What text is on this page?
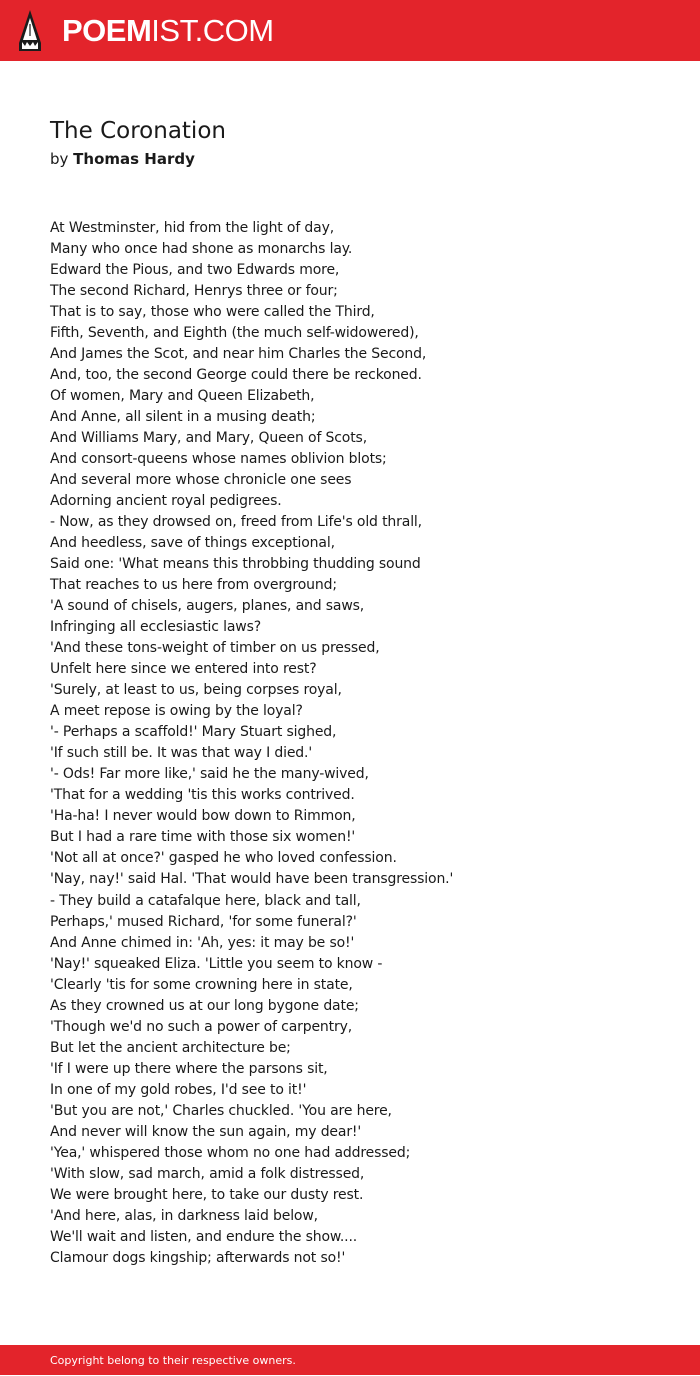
POEMIST.COM
The Coronation
by Thomas Hardy
At Westminster, hid from the light of day,
Many who once had shone as monarchs lay.
Edward the Pious, and two Edwards more,
The second Richard, Henrys three or four;
That is to say, those who were called the Third,
Fifth, Seventh, and Eighth (the much self-widowered),
And James the Scot, and near him Charles the Second,
And, too, the second George could there be reckoned.
Of women, Mary and Queen Elizabeth,
And Anne, all silent in a musing death;
And Williams Mary, and Mary, Queen of Scots,
And consort-queens whose names oblivion blots;
And several more whose chronicle one sees
Adorning ancient royal pedigrees.
- Now, as they drowsed on, freed from Life's old thrall,
And heedless, save of things exceptional,
Said one: 'What means this throbbing thudding sound
That reaches to us here from overground;
'A sound of chisels, augers, planes, and saws,
Infringing all ecclesiastic laws?
'And these tons-weight of timber on us pressed,
Unfelt here since we entered into rest?
'Surely, at least to us, being corpses royal,
A meet repose is owing by the loyal?
'- Perhaps a scaffold!' Mary Stuart sighed,
'If such still be. It was that way I died.'
'- Ods! Far more like,' said he the many-wived,
'That for a wedding 'tis this works contrived.
'Ha-ha! I never would bow down to Rimmon,
But I had a rare time with those six women!'
'Not all at once?' gasped he who loved confession.
'Nay, nay!' said Hal. 'That would have been transgression.'
- They build a catafalque here, black and tall,
Perhaps,' mused Richard, 'for some funeral?'
And Anne chimed in: 'Ah, yes: it may be so!'
'Nay!' squeaked Eliza. 'Little you seem to know -
'Clearly 'tis for some crowning here in state,
As they crowned us at our long bygone date;
'Though we'd no such a power of carpentry,
But let the ancient architecture be;
'If I were up there where the parsons sit,
In one of my gold robes, I'd see to it!'
'But you are not,' Charles chuckled. 'You are here,
And never will know the sun again, my dear!'
'Yea,' whispered those whom no one had addressed;
'With slow, sad march, amid a folk distressed,
We were brought here, to take our dusty rest.
'And here, alas, in darkness laid below,
We'll wait and listen, and endure the show....
Clamour dogs kingship; afterwards not so!'
Copyright belong to their respective owners.
